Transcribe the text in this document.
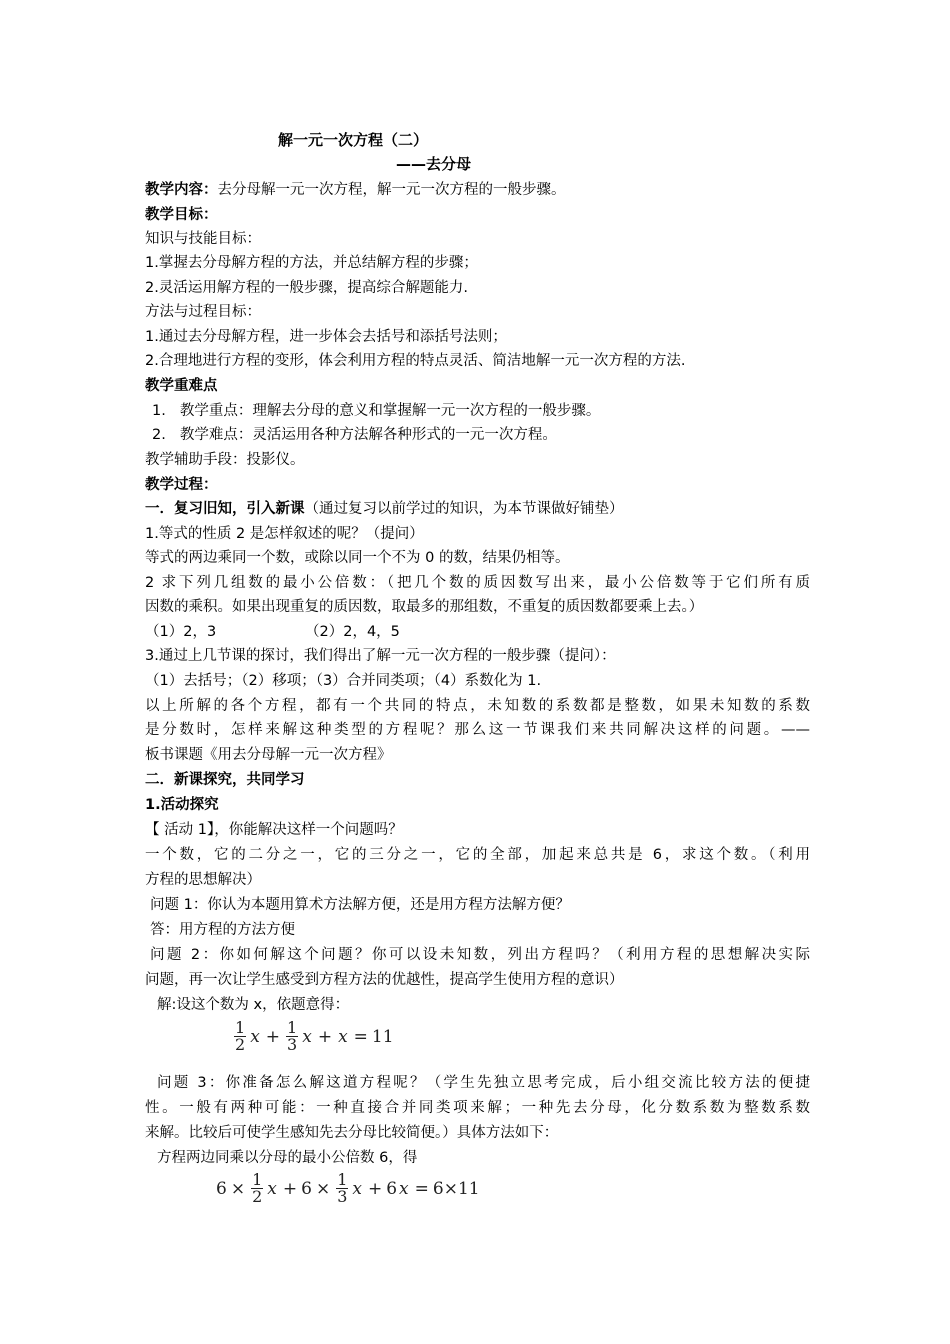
解一元一次方程（二）
——去分母
教学内容：去分母解一元一次方程，解一元一次方程的一般步骤。
教学目标：
知识与技能目标：
1.掌握去分母解方程的方法，并总结解方程的步骤；
2.灵活运用解方程的一般步骤，提高综合解题能力.
方法与过程目标：
1.通过去分母解方程，进一步体会去括号和添括号法则；
2.合理地进行方程的变形，体会利用方程的特点灵活、简洁地解一元一次方程的方法.
教学重难点
1. 教学重点：理解去分母的意义和掌握解一元一次方程的一般步骤。
2. 教学难点：灵活运用各种方法解各种形式的一元一次方程。
教学辅助手段：投影仪。
教学过程：
一．复习旧知，引入新课（通过复习以前学过的知识，为本节课做好铺垫）
1.等式的性质 2 是怎样叙述的呢？（提问）
等式的两边乘同一个数，或除以同一个不为 0 的数，结果仍相等。
2 求下列几组数的最小公倍数：（把几个数的质因数写出来，最小公倍数等于它们所有质
因数的乘积。如果出现重复的质因数，取最多的那组数，不重复的质因数都要乘上去。）
（1）2，3	（2）2，4，5
3.通过上几节课的探讨，我们得出了解一元一次方程的一般步骤（提问）：
（1）去括号；（2）移项；（3）合并同类项；（4）系数化为 1.
以上所解的各个方程，都有一个共同的特点，未知数的系数都是整数，如果未知数的系数
是分数时，怎样来解这种类型的方程呢？那么这一节课我们来共同解决这样的问题。——
板书课题《用去分母解一元一次方程》
二．新课探究，共同学习
1.活动探究
【 活动 1】，你能解决这样一个问题吗？
一个数，它的二分之一，它的三分之一，它的全部，加起来总共是 6，求这个数。（利用
方程的思想解决）
问题 1：你认为本题用算术方法解方便，还是用方程方法解方便？
答：用方程的方法方便
问题 2：你如何解这个问题？你可以设未知数，列出方程吗？（利用方程的思想解决实际
问题，再一次让学生感受到方程方法的优越性，提高学生使用方程的意识）
解:设这个数为 x，依题意得：
$\frac{1}{2}$ $x + \frac{1}{3}$ x + x = 11
问题 3：你准备怎么解这道方程呢？（学生先独立思考完成，后小组交流比较方法的便捷
性。一般有两种可能：一种直接合并同类项来解；一种先去分母，化分数系数为整数系数
来解。比较后可使学生感知先去分母比较简便。）具体方法如下：
方程两边同乘以分母的最小公倍数 6，得
$6 \times \frac{1}{2}$ $x + 6 \times \frac{1}{3}$ x + 6 x = 6×11
